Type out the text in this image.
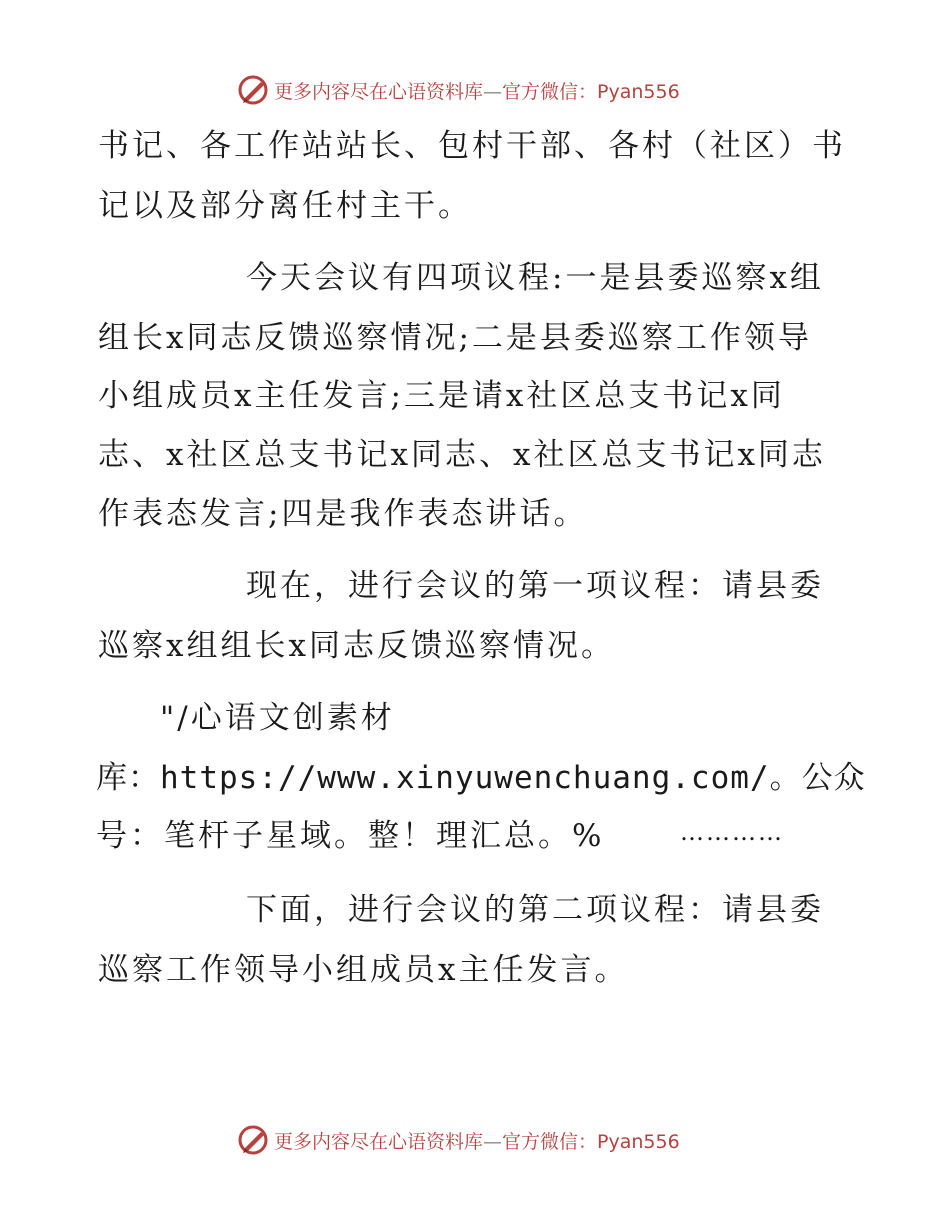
更多内容尽在心语资料库—官方微信：Pyan556
书记、各工作站站长、包村干部、各村（社区）书
记以及部分离任村主干。
今天会议有四项议程:一是县委巡察x组
组长x同志反馈巡察情况;二是县委巡察工作领导
小组成员x主任发言;三是请x社区总支书记x同
志、x社区总支书记x同志、x社区总支书记x同志
作表态发言;四是我作表态讲话。
现在，进行会议的第一项议程：请县委
巡察x组组长x同志反馈巡察情况。
"/心语文创素材
库：https://www.xinyuwenchuang.com/。公众
号：笔杆子星域。整！理汇总。%	…………
下面，进行会议的第二项议程：请县委
巡察工作领导小组成员x主任发言。
更多内容尽在心语资料库—官方微信：Pyan556
